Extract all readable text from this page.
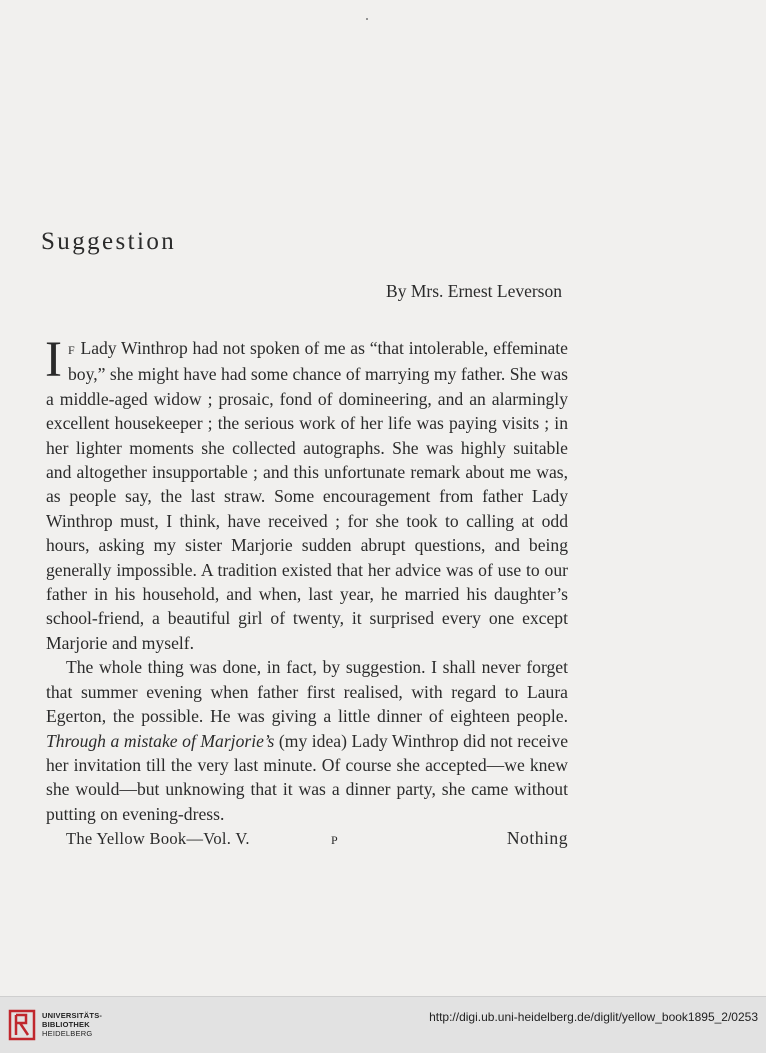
Suggestion
By Mrs. Ernest Leverson

I F Lady Winthrop had not spoken of me as “that intolerable, effeminate boy,” she might have had some chance of marrying my father. She was a middle-aged widow ; prosaic, fond of domineering, and an alarmingly excellent housekeeper ; the serious work of her life was paying visits ; in her lighter moments she collected autographs. She was highly suitable and altogether insupportable ; and this unfortunate remark about me was, as people say, the last straw. Some encouragement from father Lady Winthrop must, I think, have received ; for she took to calling at odd hours, asking my sister Marjorie sudden abrupt questions, and being generally impossible. A tradition existed that her advice was of use to our father in his household, and when, last year, he married his daughter’s school-friend, a beautiful girl of twenty, it surprised every one except Marjorie and myself.

The whole thing was done, in fact, by suggestion. I shall never forget that summer evening when father first realised, with regard to Laura Egerton, the possible. He was giving a little dinner of eighteen people. Through a mistake of Marjorie’s (my idea) Lady Winthrop did not receive her invitation till the very last minute. Of course she accepted—we knew she would—but unknowing that it was a dinner party, she came without putting on evening-dress.

The Yellow Book—Vol. V.	P	Nothing
UNIVERSITÄTS-
BIBLIOTHEK
HEIDELBERG
http://digi.ub.uni-heidelberg.de/diglit/yellow_book1895_2/0253
